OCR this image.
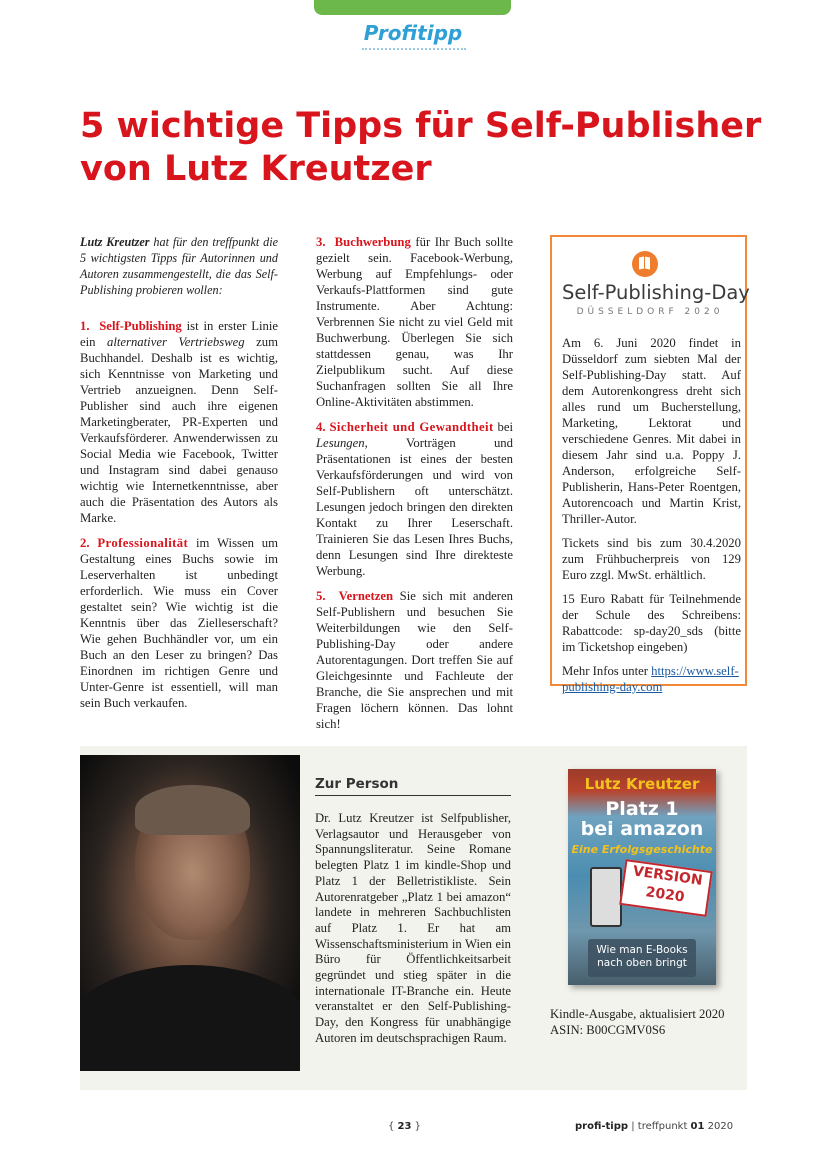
Profitipp
5 wichtige Tipps für Self-Publisher
von Lutz Kreutzer

Lutz Kreutzer hat für den treffpunkt die 5 wichtigsten Tipps für Autorinnen und Autoren zusammengestellt, die das Self-Publishing probieren wollen:

1. Self-Publishing ist in erster Linie ein alternativer Vertriebsweg zum Buchhandel. Deshalb ist es wichtig, sich Kenntnisse von Marketing und Vertrieb anzueignen. Denn Self-Publisher sind auch ihre eigenen Marketingberater, PR-Experten und Verkaufsförderer. Anwenderwissen zu Social Media wie Facebook, Twitter und Instagram sind dabei genauso wichtig wie Internetkenntnisse, aber auch die Präsentation des Autors als Marke.

2. Professionalität im Wissen um Gestaltung eines Buchs sowie im Leserverhalten ist unbedingt erforderlich. Wie muss ein Cover gestaltet sein? Wie wichtig ist die Kenntnis über das Zielleserschaft? Wie gehen Buchhändler vor, um ein Buch an den Leser zu bringen? Das Einordnen im richtigen Genre und Unter-Genre ist essentiell, will man sein Buch verkaufen.

3. Buchwerbung für Ihr Buch sollte gezielt sein. Facebook-Werbung, Werbung auf Empfehlungs- oder Verkaufs-Plattformen sind gute Instrumente. Aber Achtung: Verbrennen Sie nicht zu viel Geld mit Buchwerbung. Überlegen Sie sich stattdessen genau, was Ihr Zielpublikum sucht. Auf diese Suchanfragen sollten Sie all Ihre Online-Aktivitäten abstimmen.

4. Sicherheit und Gewandtheit bei Lesungen, Vorträgen und Präsentationen ist eines der besten Verkaufsförderungen und wird von Self-Publishern oft unterschätzt. Lesungen jedoch bringen den direkten Kontakt zu Ihrer Leserschaft. Trainieren Sie das Lesen Ihres Buchs, denn Lesungen sind Ihre direkteste Werbung.

5. Vernetzen Sie sich mit anderen Self-Publishern und besuchen Sie Weiterbildungen wie den Self-Publishing-Day oder andere Autorentagungen. Dort treffen Sie auf Gleichgesinnte und Fachleute der Branche, die Sie ansprechen und mit Fragen löchern können. Das lohnt sich!

Self-Publishing-Day
DÜSSELDORF 2020

Am 6. Juni 2020 findet in Düsseldorf zum siebten Mal der Self-Publishing-Day statt. Auf dem Autorenkongress dreht sich alles rund um Bucherstellung, Marketing, Lektorat und verschiedene Genres. Mit dabei in diesem Jahr sind u.a. Poppy J. Anderson, erfolgreiche Self-Publisherin, Hans-Peter Roentgen, Autorencoach und Martin Krist, Thriller-Autor.

Tickets sind bis zum 30.4.2020 zum Frühbucherpreis von 129 Euro zzgl. MwSt. erhältlich.

15 Euro Rabatt für Teilnehmende der Schule des Schreibens: Rabattcode: sp-day20_sds (bitte im Ticketshop eingeben)

Mehr Infos unter https://www.self-publishing-day.com

Zur Person

Dr. Lutz Kreutzer ist Selfpublisher, Verlagsautor und Herausgeber von Spannungsliteratur. Seine Romane belegten Platz 1 im kindle-Shop und Platz 1 der Belletristikliste. Sein Autorenratgeber „Platz 1 bei amazon“ landete in mehreren Sachbuchlisten auf Platz 1. Er hat am Wissenschaftsministerium in Wien ein Büro für Öffentlichkeitsarbeit gegründet und stieg später in die internationale IT-Branche ein. Heute veranstaltet er den Self-Publishing-Day, den Kongress für unabhängige Autoren im deutschsprachigen Raum.

Lutz Kreutzer
Platz 1
bei amazon
Eine Erfolgsgeschichte
VERSION
2020
Wie man E-Books
nach oben bringt

Kindle-Ausgabe, aktualisiert 2020
ASIN: B00CGMV0S6

{ 23 }	profi-tipp | treffpunkt 01 2020
